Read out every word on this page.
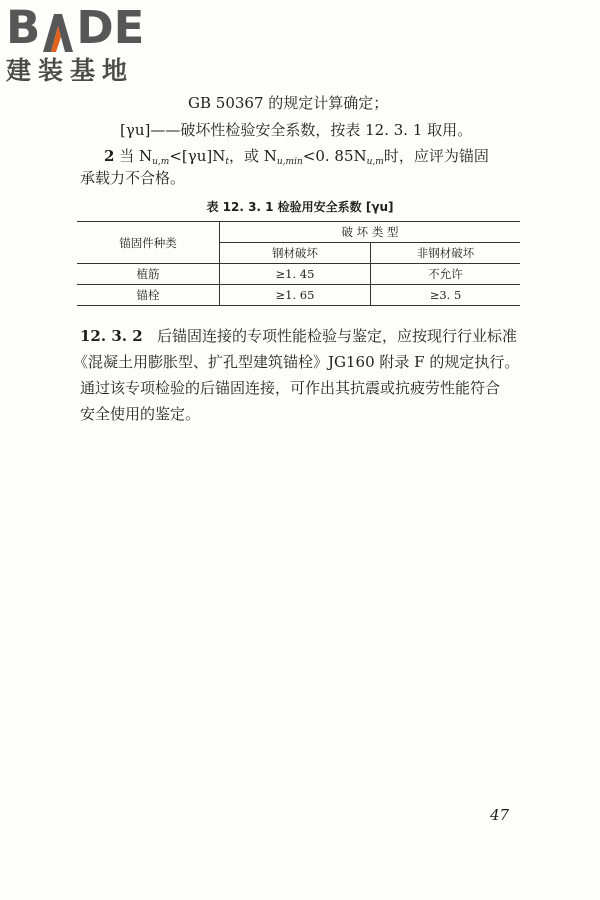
B DE
建装基地
GB 50367 的规定计算确定；
[γu]——破坏性检验安全系数，按表 12. 3. 1 取用。
2 当 $N_{u,m}<[\gamma u]N_t$，或 $N_{u,min}<0$. $85N_{u,m}$时，应评为锚固
承载力不合格。
表 12. 3. 1 检验用安全系数 [γu]
锚固件种类	破 坏 类 型	
	钢材破坏	非钢材破坏
植筋	≥1. 45	不允许
锚栓	≥1. 65	≥3. 5
12. 3. 2 后锚固连接的专项性能检验与鉴定，应按现行行业标准
《混凝土用膨胀型、扩孔型建筑锚栓》JG160 附录 F 的规定执行。
通过该专项检验的后锚固连接，可作出其抗震或抗疲劳性能符合
安全使用的鉴定。
47
